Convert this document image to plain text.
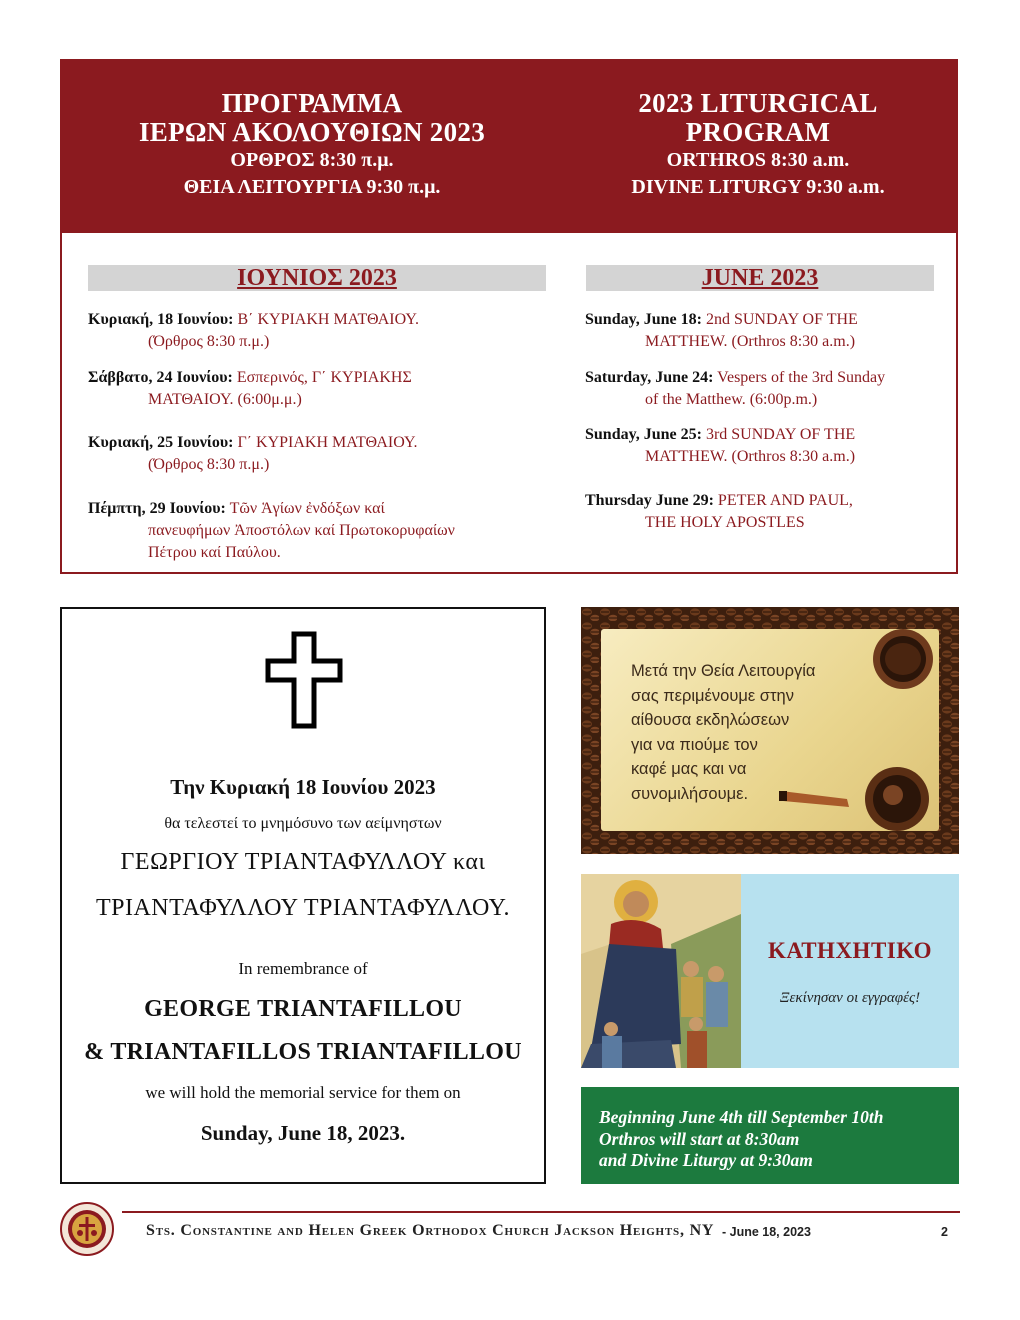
ΠΡΟΓΡΑΜΜΑ
ΙΕΡΩΝ ΑΚΟΛΟΥΘΙΩΝ 2023
ΟΡΘΡΟΣ 8:30 π.μ.
ΘΕΙΑ ΛΕΙΤΟΥΡΓΙΑ 9:30 π.μ.
2023 LITURGICAL
PROGRAM
ORTHROS 8:30 a.m.
DIVINE LITURGY 9:30 a.m.
ΙΟΥΝΙΟΣ 2023	JUNE 2023
Κυριακή, 18 Ιουνίου: Β΄ ΚΥΡΙΑΚΗ ΜΑΤΘΑΙΟΥ.
(Όρθρος 8:30 π.μ.)
Σάββατο, 24 Ιουνίου: Εσπερινός, Γ΄ ΚΥΡΙΑΚΗΣ
ΜΑΤΘΑΙΟΥ. (6:00μ.μ.)
Κυριακή, 25 Ιουνίου: Γ΄ ΚΥΡΙΑΚΗ ΜΑΤΘΑΙΟΥ.
(Όρθρος 8:30 π.μ.)
Πέμπτη, 29 Ιουνίου: Τῶν Ἁγίων ἐνδόξων καί
πανευφήμων Ἀποστόλων καί Πρωτοκορυφαίων
Πέτρου καί Παύλου.
Sunday, June 18: 2nd SUNDAY OF THE
MATTHEW. (Orthros 8:30 a.m.)
Saturday, June 24: Vespers of the 3rd Sunday
of the Matthew. (6:00p.m.)
Sunday, June 25: 3rd SUNDAY OF THE
MATTHEW. (Orthros 8:30 a.m.)
Thursday June 29: PETER AND PAUL,
THE HOLY APOSTLES
Την Κυριακή 18 Ιουνίου 2023
θα τελεστεί το μνημόσυνο των αείμνηστων
ΓΕΩΡΓΙΟΥ ΤΡΙΑΝΤΑΦΥΛΛΟΥ και
ΤΡΙΑΝΤΑΦΥΛΛΟΥ ΤΡΙΑΝΤΑΦΥΛΛΟΥ.
In remembrance of
GEORGE TRIANTAFILLOU
& TRIANTAFILLOS TRIANTAFILLOU
we will hold the memorial service for them on
Sunday, June 18, 2023.
Μετά την Θεία Λειτουργία
σας περιμένουμε στην
αίθουσα εκδηλώσεων
για να πιούμε τον
καφέ μας και να
συνομιλήσουμε.
ΚΑΤΗΧΗΤΙΚΟ
Ξεκίνησαν οι εγγραφές!
Beginning June 4th till September 10th
Orthros will start at 8:30am
and Divine Liturgy at 9:30am
Sts. Constantine and Helen Greek Orthodox Church Jackson Heights, NY - June 18, 2023	2
